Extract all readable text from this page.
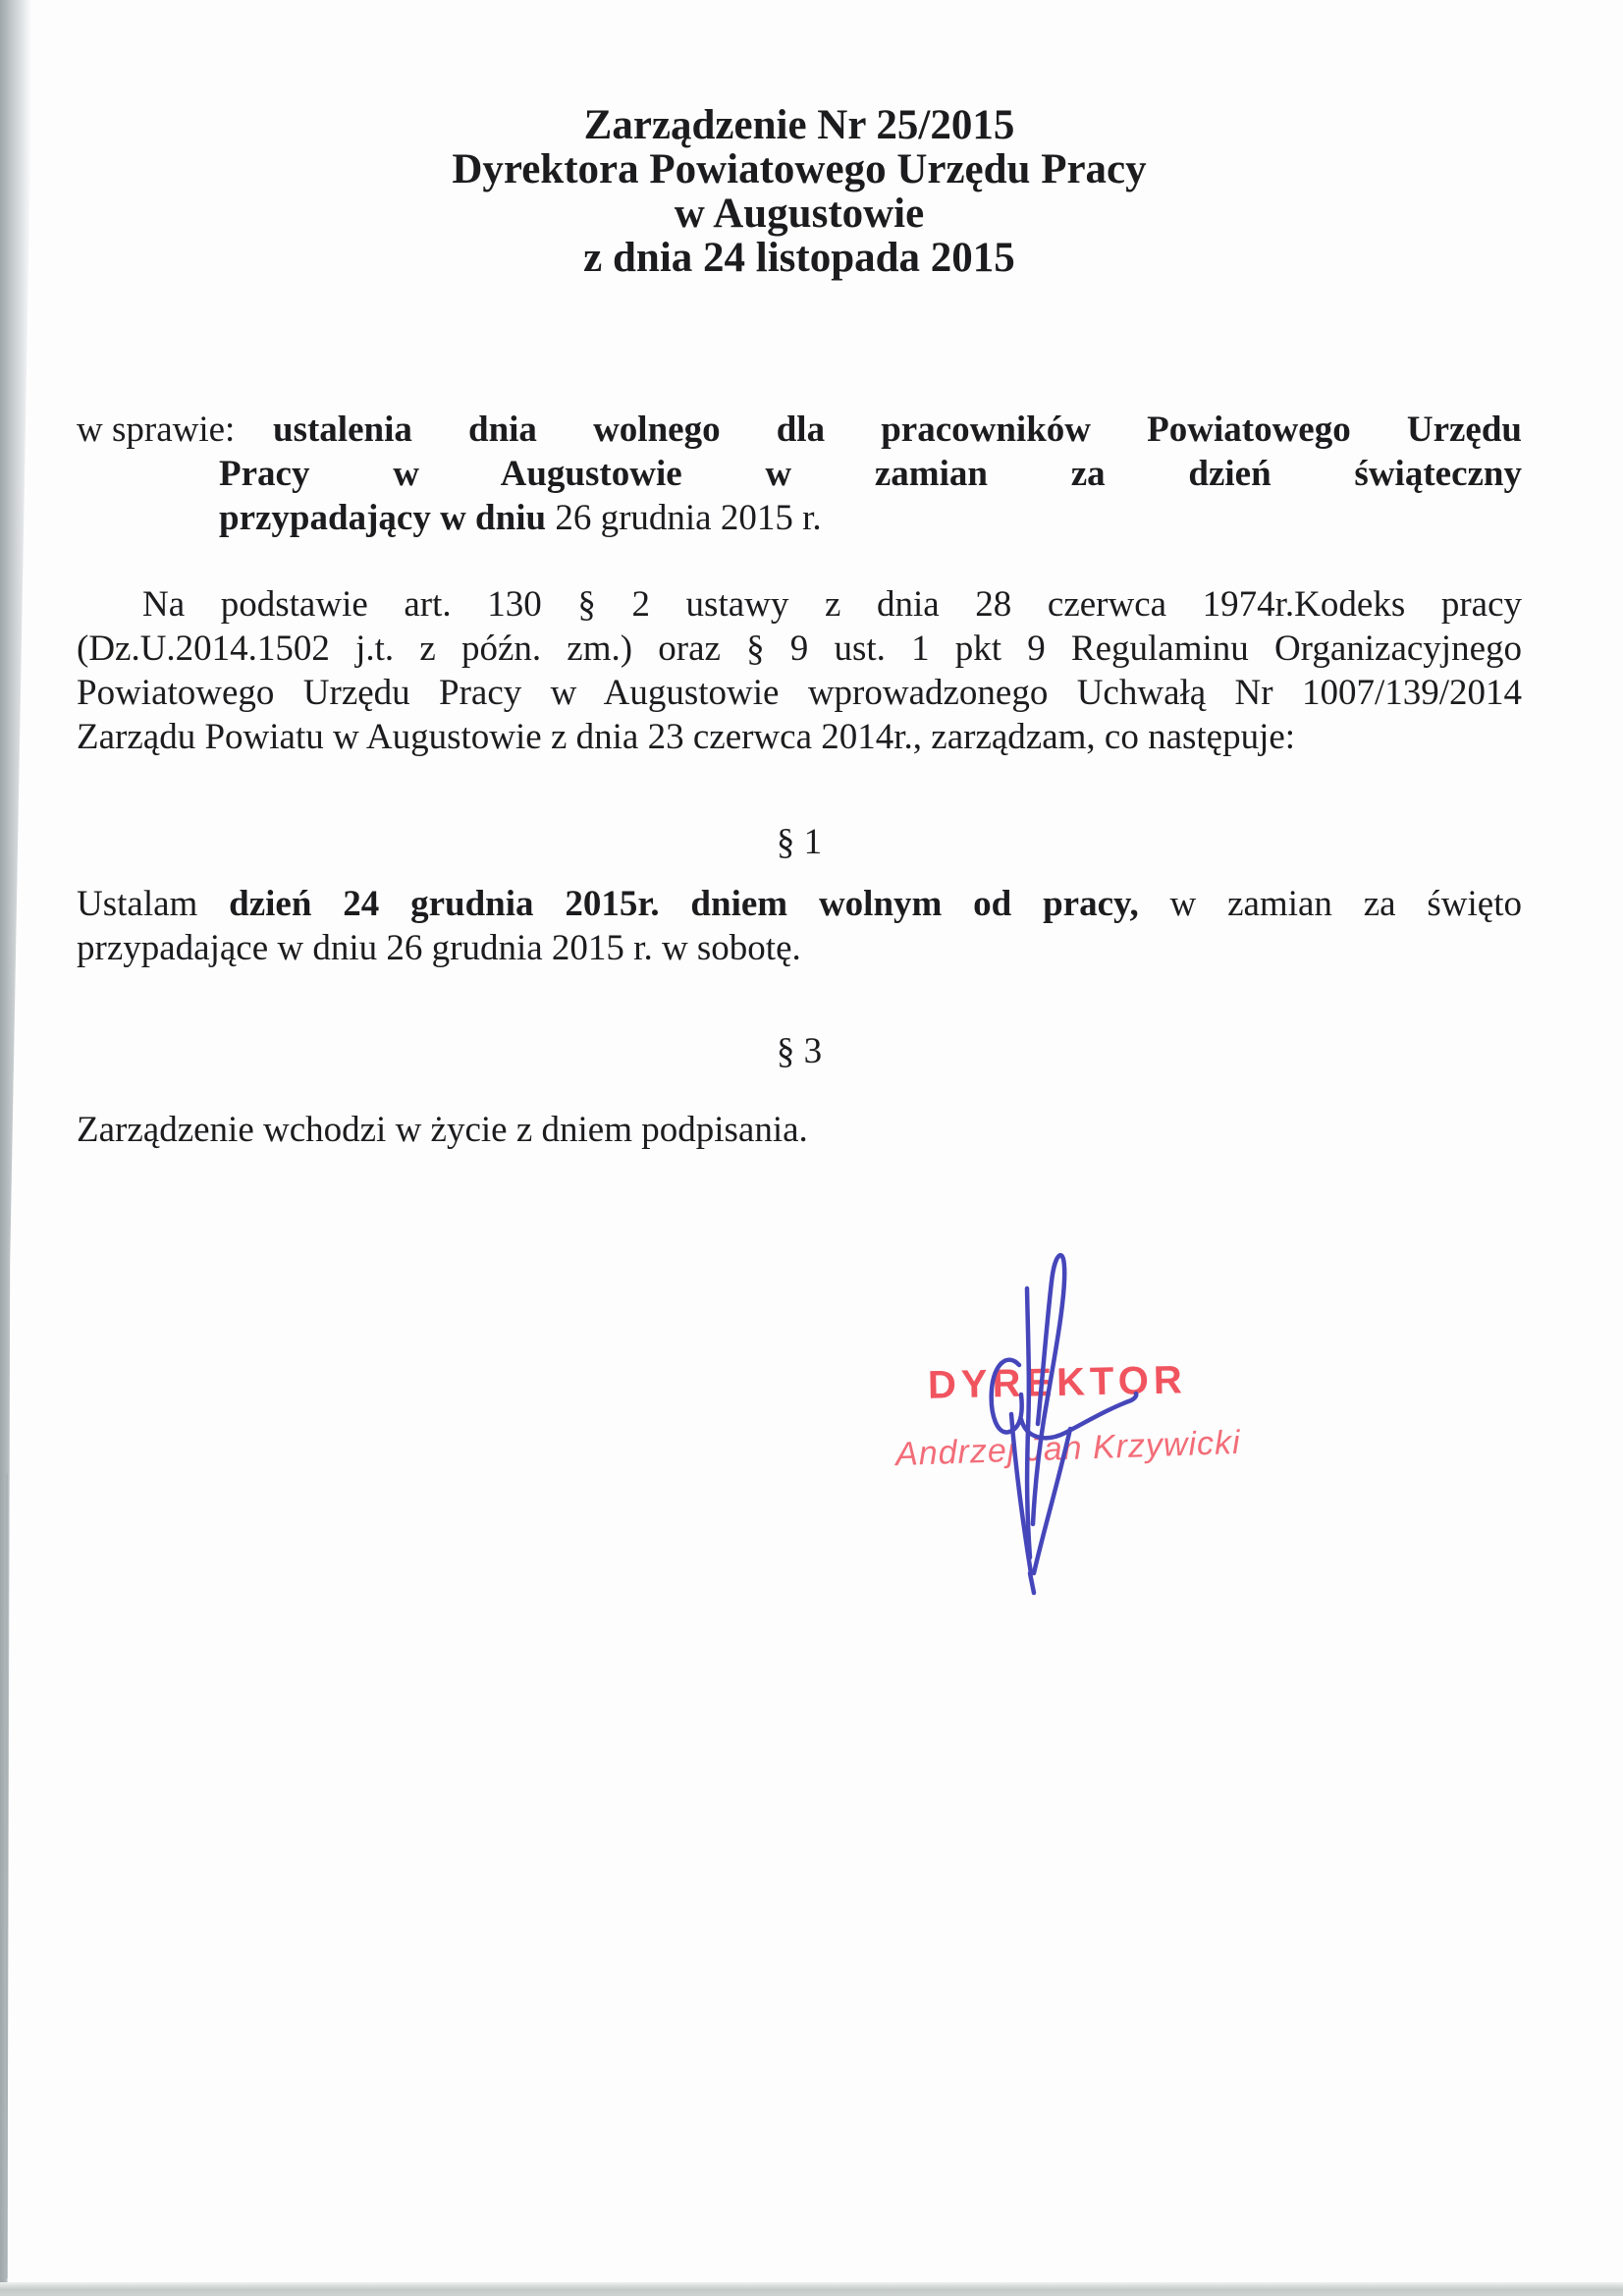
Zarządzenie Nr 25/2015
Dyrektora Powiatowego Urzędu Pracy
w Augustowie
z dnia 24 listopada 2015
w sprawie:	ustalenia dnia wolnego dla pracowników Powiatowego Urzędu
Pracy w Augustowie w zamian za dzień świąteczny
przypadający w dniu 26 grudnia 2015 r.
Na podstawie art. 130 § 2 ustawy z dnia 28 czerwca 1974r.Kodeks pracy
(Dz.U.2014.1502 j.t. z późn. zm.) oraz § 9 ust. 1 pkt 9 Regulaminu Organizacyjnego
Powiatowego Urzędu Pracy w Augustowie wprowadzonego Uchwałą Nr 1007/139/2014
Zarządu Powiatu w Augustowie z dnia 23 czerwca 2014r., zarządzam, co następuje:
§ 1
Ustalam dzień 24 grudnia 2015r. dniem wolnym od pracy, w zamian za święto
przypadające w dniu 26 grudnia 2015 r. w sobotę.
§ 3
Zarządzenie wchodzi w życie z dniem podpisania.
DYREKTOR
Andrzej Jan Krzywicki
